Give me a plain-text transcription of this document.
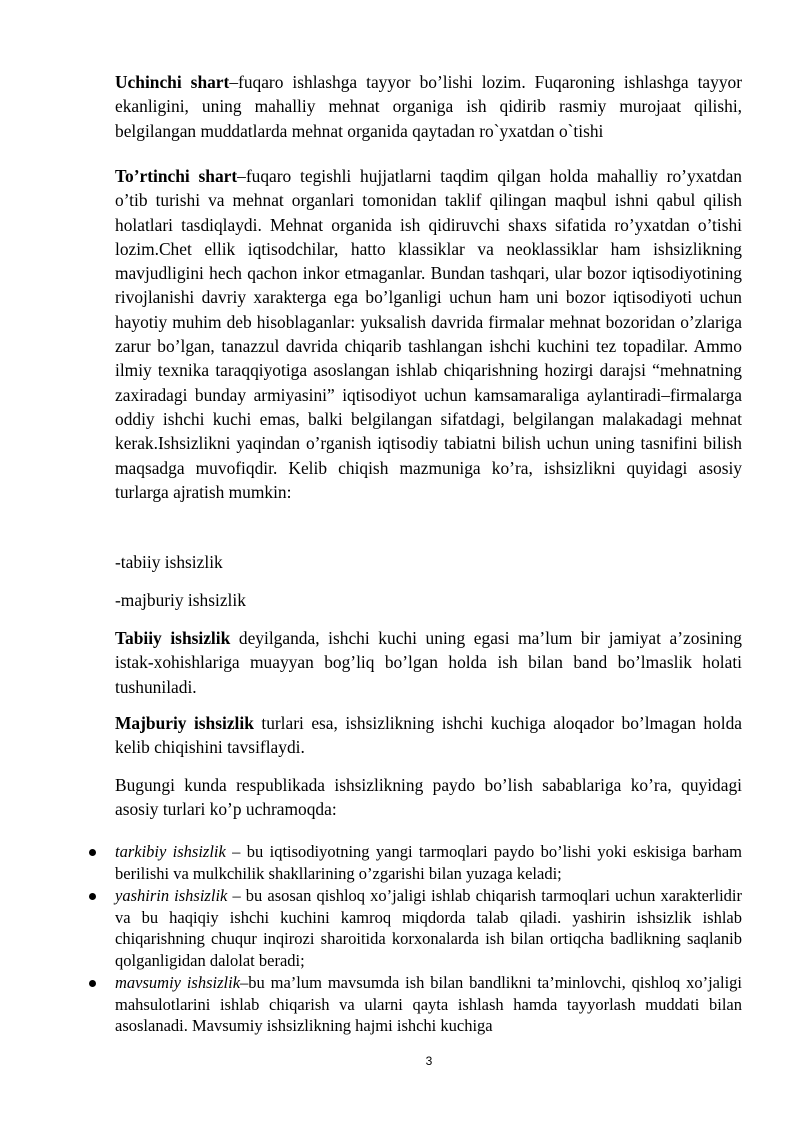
Uchinchi shart–fuqaro ishlashga tayyor bo’lishi lozim. Fuqaroning ishlashga tayyor ekanligini, uning mahalliy mehnat organiga ish qidirib rasmiy murojaat qilishi, belgilangan muddatlarda mehnat organida qaytadan ro`yxatdan o`tishi

To’rtinchi shart–fuqaro tegishli hujjatlarni taqdim qilgan holda mahalliy ro’yxatdan o’tib turishi va mehnat organlari tomonidan taklif qilingan maqbul ishni qabul qilish holatlari tasdiqlaydi. Mehnat organida ish qidiruvchi shaxs sifatida ro’yxatdan o’tishi lozim.Chet ellik iqtisodchilar, hatto klassiklar va neoklassiklar ham ishsizlikning mavjudligini hech qachon inkor etmaganlar. Bundan tashqari, ular bozor iqtisodiyotining rivojlanishi davriy xarakterga ega bo’lganligi uchun ham uni bozor iqtisodiyoti uchun hayotiy muhim deb hisoblaganlar: yuksalish davrida firmalar mehnat bozoridan o’zlariga zarur bo’lgan, tanazzul davrida chiqarib tashlangan ishchi kuchini tez topadilar. Ammo ilmiy texnika taraqqiyotiga asoslangan ishlab chiqarishning hozirgi darajsi “mehnatning zaxiradagi bunday armiyasini” iqtisodiyot uchun kamsamaraliga aylantiradi–firmalarga oddiy ishchi kuchi emas, balki belgilangan sifatdagi, belgilangan malakadagi mehnat kerak.Ishsizlikni yaqindan o’rganish iqtisodiy tabiatni bilish uchun uning tasnifini bilish maqsadga muvofiqdir. Kelib chiqish mazmuniga ko’ra, ishsizlikni quyidagi asosiy turlarga ajratish mumkin:

-tabiiy ishsizlik

-majburiy ishsizlik

Tabiiy ishsizlik deyilganda, ishchi kuchi uning egasi ma’lum bir jamiyat a’zosining istak-xohishlariga muayyan bog’liq bo’lgan holda ish bilan band bo’lmaslik holati tushuniladi.

Majburiy ishsizlik turlari esa, ishsizlikning ishchi kuchiga aloqador bo’lmagan holda kelib chiqishini tavsiflaydi.

Bugungi kunda respublikada ishsizlikning paydo bo’lish sabablariga ko’ra, quyidagi asosiy turlari ko’p uchramoqda:

tarkibiy ishsizlik – bu iqtisodiyotning yangi tarmoqlari paydo bo’lishi yoki eskisiga barham berilishi va mulkchilik shakllarining o’zgarishi bilan yuzaga keladi;
yashirin ishsizlik – bu asosan qishloq xo’jaligi ishlab chiqarish tarmoqlari uchun xarakterlidir va bu haqiqiy ishchi kuchini kamroq miqdorda talab qiladi. yashirin ishsizlik ishlab chiqarishning chuqur inqirozi sharoitida korxonalarda ish bilan ortiqcha badlikning saqlanib qolganligidan dalolat beradi;
mavsumiy ishsizlik–bu ma’lum mavsumda ish bilan bandlikni ta’minlovchi, qishloq xo’jaligi mahsulotlarini ishlab chiqarish va ularni qayta ishlash hamda tayyorlash muddati bilan asoslanadi. Mavsumiy ishsizlikning hajmi ishchi kuchiga
3
